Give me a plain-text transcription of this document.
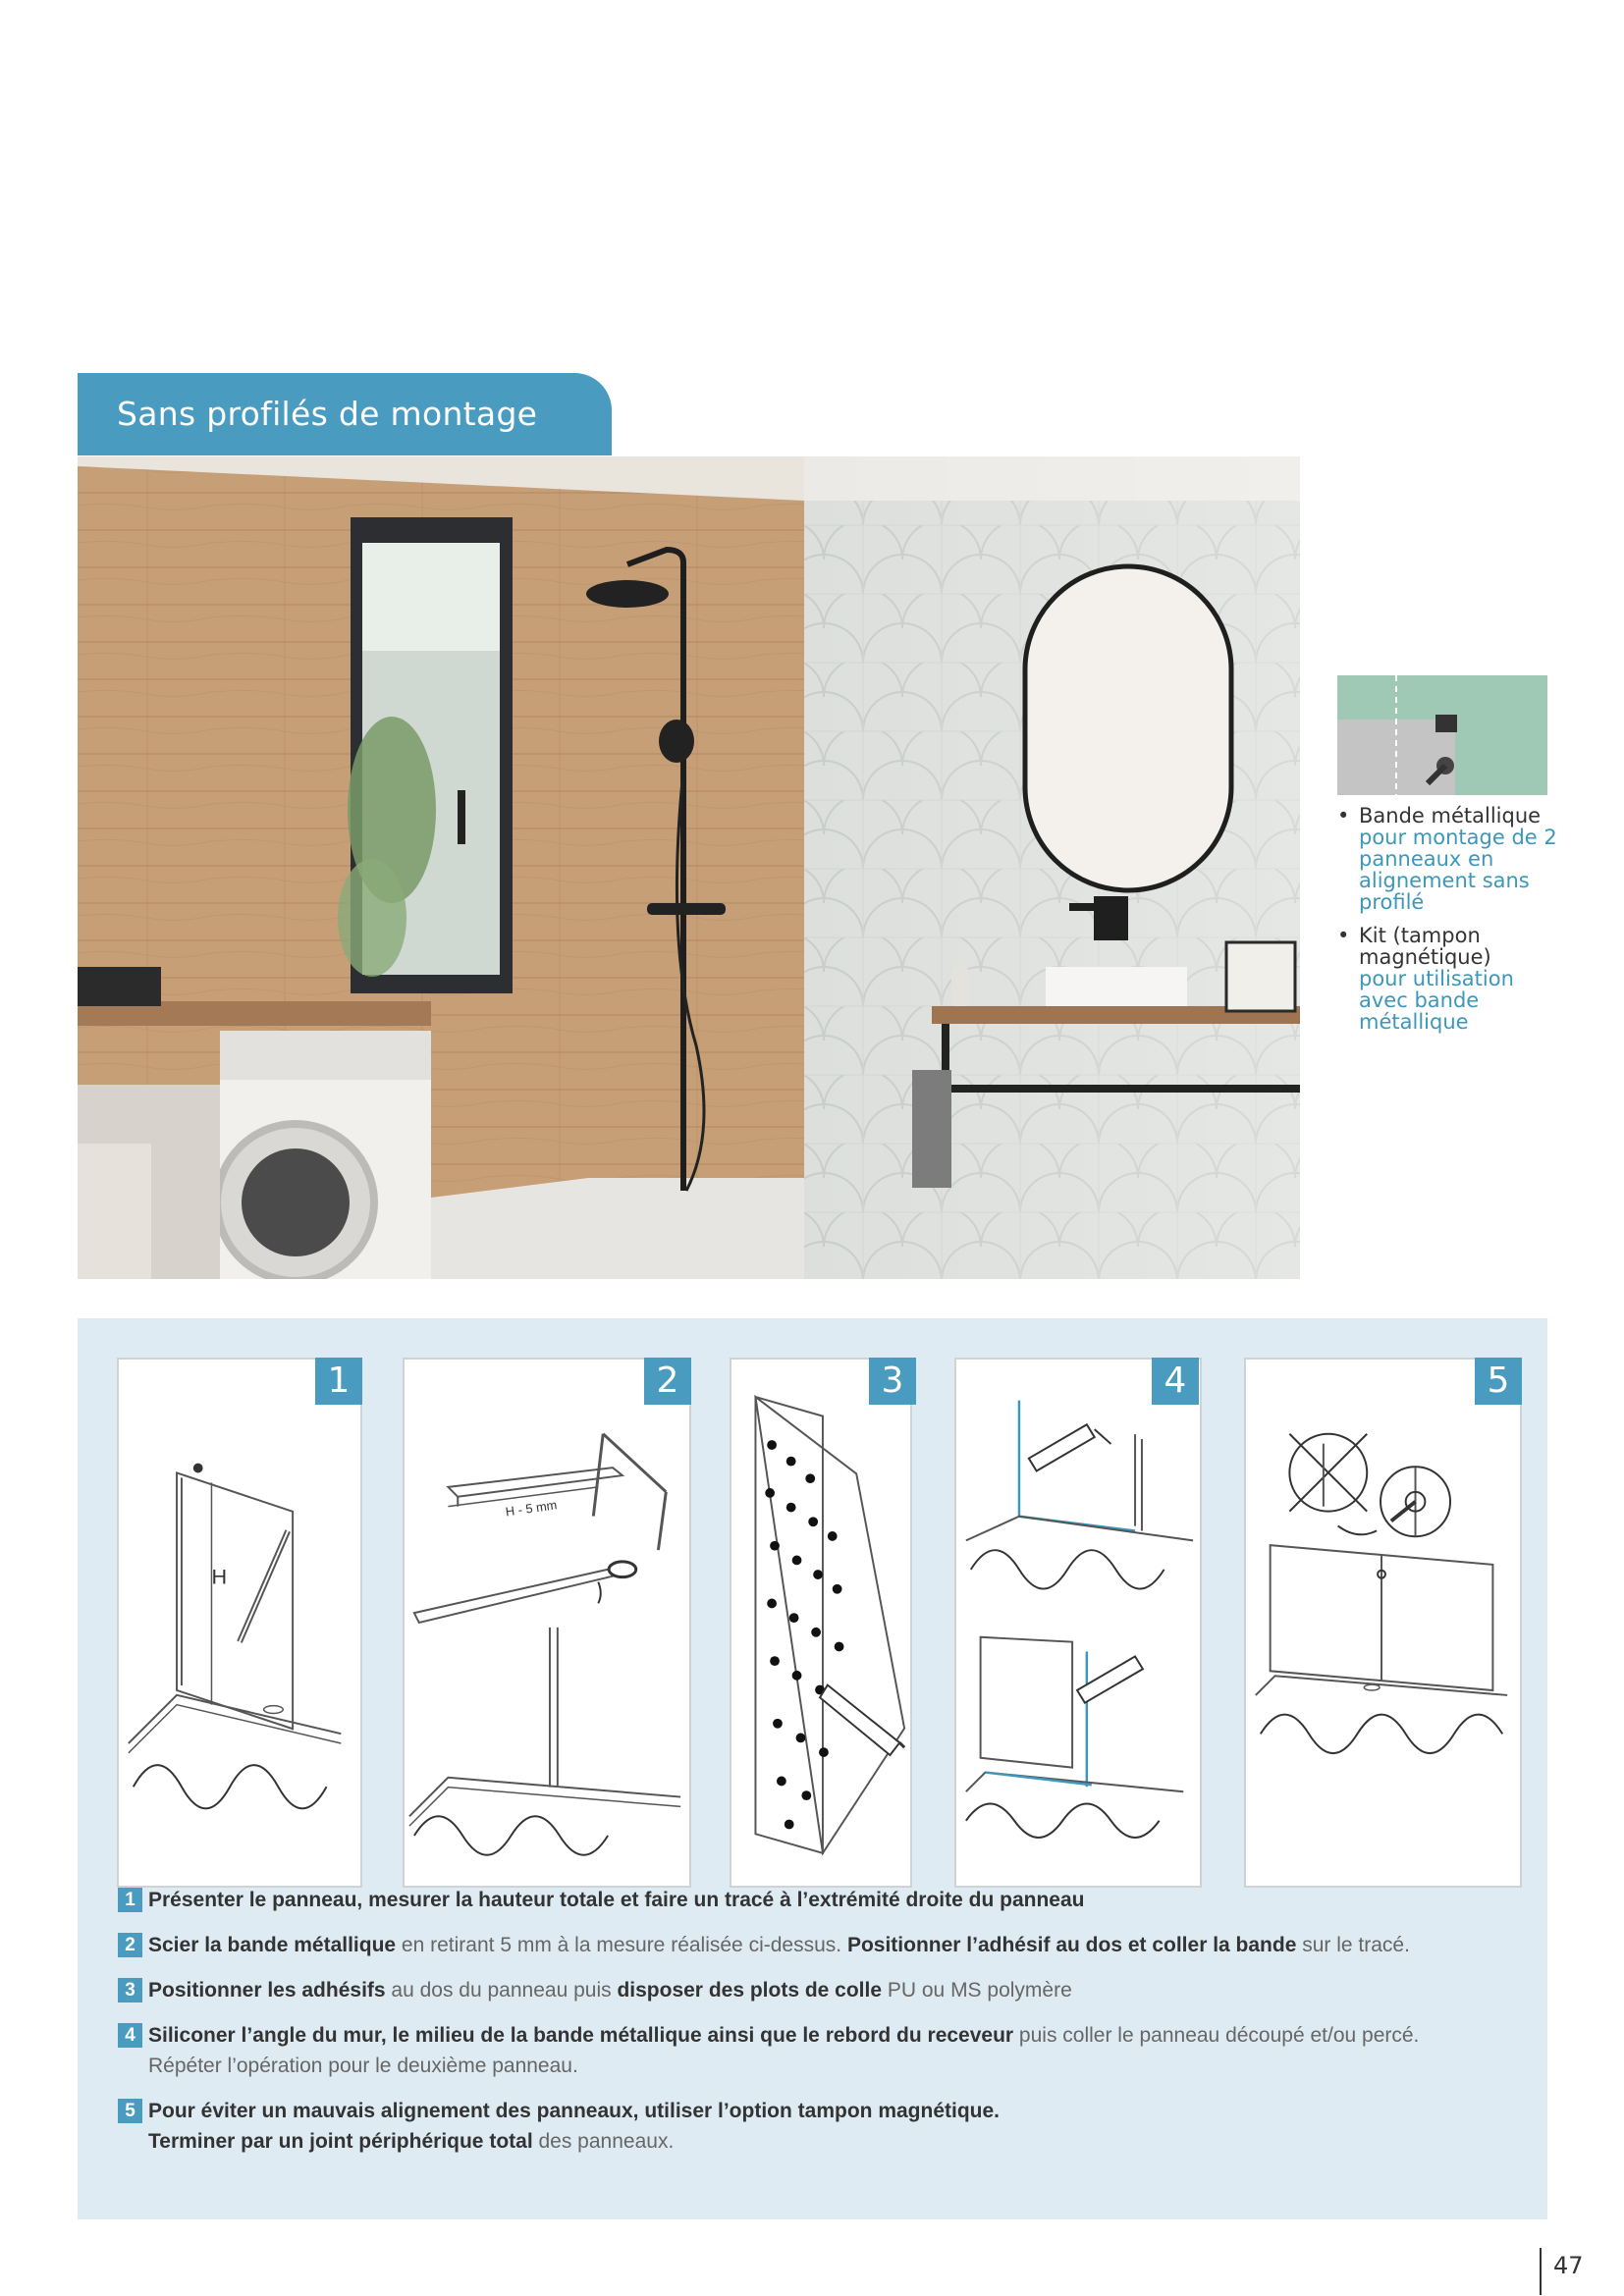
Sans profilés de montage
• Bande métallique
pour montage de 2 panneaux en alignement sans profilé
• Kit (tampon magnétique)
pour utilisation avec bande métallique
H
1
H - 5 mm
2	3	4	5
1 Présenter le panneau, mesurer la hauteur totale et faire un tracé à l’extrémité droite du panneau
2 Scier la bande métallique en retirant 5 mm à la mesure réalisée ci-dessus. Positionner l’adhésif au dos et coller la bande sur le tracé.
3 Positionner les adhésifs au dos du panneau puis disposer des plots de colle PU ou MS polymère
4 Siliconer l’angle du mur, le milieu de la bande métallique ainsi que le rebord du receveur puis coller le panneau découpé et/ou percé.
Répéter l’opération pour le deuxième panneau.
5 Pour éviter un mauvais alignement des panneaux, utiliser l’option tampon magnétique.
Terminer par un joint périphérique total des panneaux.
47
